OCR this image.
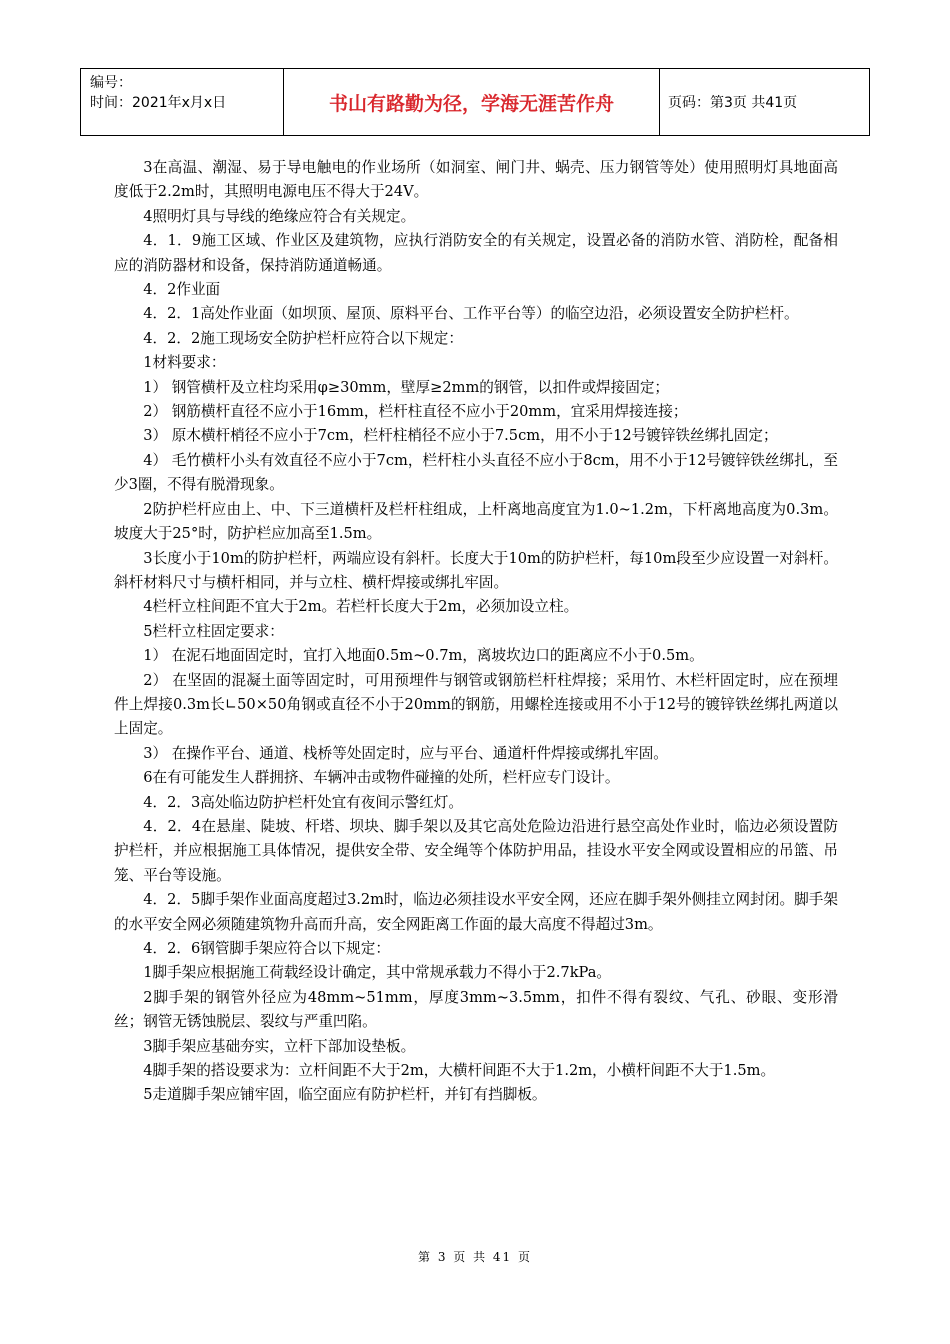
编号：
时间：2021年x月x日	书山有路勤为径，学海无涯苦作舟	页码：第3页 共41页

3在高温、潮湿、易于导电触电的作业场所（如洞室、闸门井、蜗壳、压力钢管等处）使用照明灯具地面高度低于2.2m时，其照明电源电压不得大于24V。

4照明灯具与导线的绝缘应符合有关规定。

4．1．9施工区域、作业区及建筑物，应执行消防安全的有关规定，设置必备的消防水管、消防栓，配备相应的消防器材和设备，保持消防通道畅通。

4．2作业面

4．2．1高处作业面（如坝顶、屋顶、原料平台、工作平台等）的临空边沿，必须设置安全防护栏杆。

4．2．2施工现场安全防护栏杆应符合以下规定：

1材料要求：

1） 钢管横杆及立柱均采用φ≥30mm，壁厚≥2mm的钢管，以扣件或焊接固定；

2） 钢筋横杆直径不应小于16mm，栏杆柱直径不应小于20mm，宜采用焊接连接；

3） 原木横杆梢径不应小于7cm，栏杆柱梢径不应小于7.5cm，用不小于12号镀锌铁丝绑扎固定；

4） 毛竹横杆小头有效直径不应小于7cm，栏杆柱小头直径不应小于8cm，用不小于12号镀锌铁丝绑扎，至少3圈，不得有脱滑现象。

2防护栏杆应由上、中、下三道横杆及栏杆柱组成，上杆离地高度宜为1.0~1.2m，下杆离地高度为0.3m。坡度大于25°时，防护栏应加高至1.5m。

3长度小于10m的防护栏杆，两端应设有斜杆。长度大于10m的防护栏杆，每10m段至少应设置一对斜杆。斜杆材料尺寸与横杆相同，并与立柱、横杆焊接或绑扎牢固。

4栏杆立柱间距不宜大于2m。若栏杆长度大于2m，必须加设立柱。

5栏杆立柱固定要求：

1） 在泥石地面固定时，宜打入地面0.5m~0.7m，离坡坎边口的距离应不小于0.5m。

2） 在坚固的混凝土面等固定时，可用预埋件与钢管或钢筋栏杆柱焊接；采用竹、木栏杆固定时，应在预埋件上焊接0.3m长∟50×50角钢或直径不小于20mm的钢筋，用螺栓连接或用不小于12号的镀锌铁丝绑扎两道以上固定。

3） 在操作平台、通道、栈桥等处固定时，应与平台、通道杆件焊接或绑扎牢固。

6在有可能发生人群拥挤、车辆冲击或物件碰撞的处所，栏杆应专门设计。

4．2．3高处临边防护栏杆处宜有夜间示警红灯。

4．2．4在悬崖、陡坡、杆塔、坝块、脚手架以及其它高处危险边沿进行悬空高处作业时，临边必须设置防护栏杆，并应根据施工具体情况，提供安全带、安全绳等个体防护用品，挂设水平安全网或设置相应的吊篮、吊笼、平台等设施。

4．2．5脚手架作业面高度超过3.2m时，临边必须挂设水平安全网，还应在脚手架外侧挂立网封闭。脚手架的水平安全网必须随建筑物升高而升高，安全网距离工作面的最大高度不得超过3m。

4．2．6钢管脚手架应符合以下规定：

1脚手架应根据施工荷载经设计确定，其中常规承载力不得小于2.7kPa。

2脚手架的钢管外径应为48mm~51mm，厚度3mm~3.5mm，扣件不得有裂纹、气孔、砂眼、变形滑丝；钢管无锈蚀脱层、裂纹与严重凹陷。

3脚手架应基础夯实，立杆下部加设垫板。

4脚手架的搭设要求为：立杆间距不大于2m，大横杆间距不大于1.2m，小横杆间距不大于1.5m。

5走道脚手架应铺牢固，临空面应有防护栏杆，并钉有挡脚板。

第 3 页 共 41 页
